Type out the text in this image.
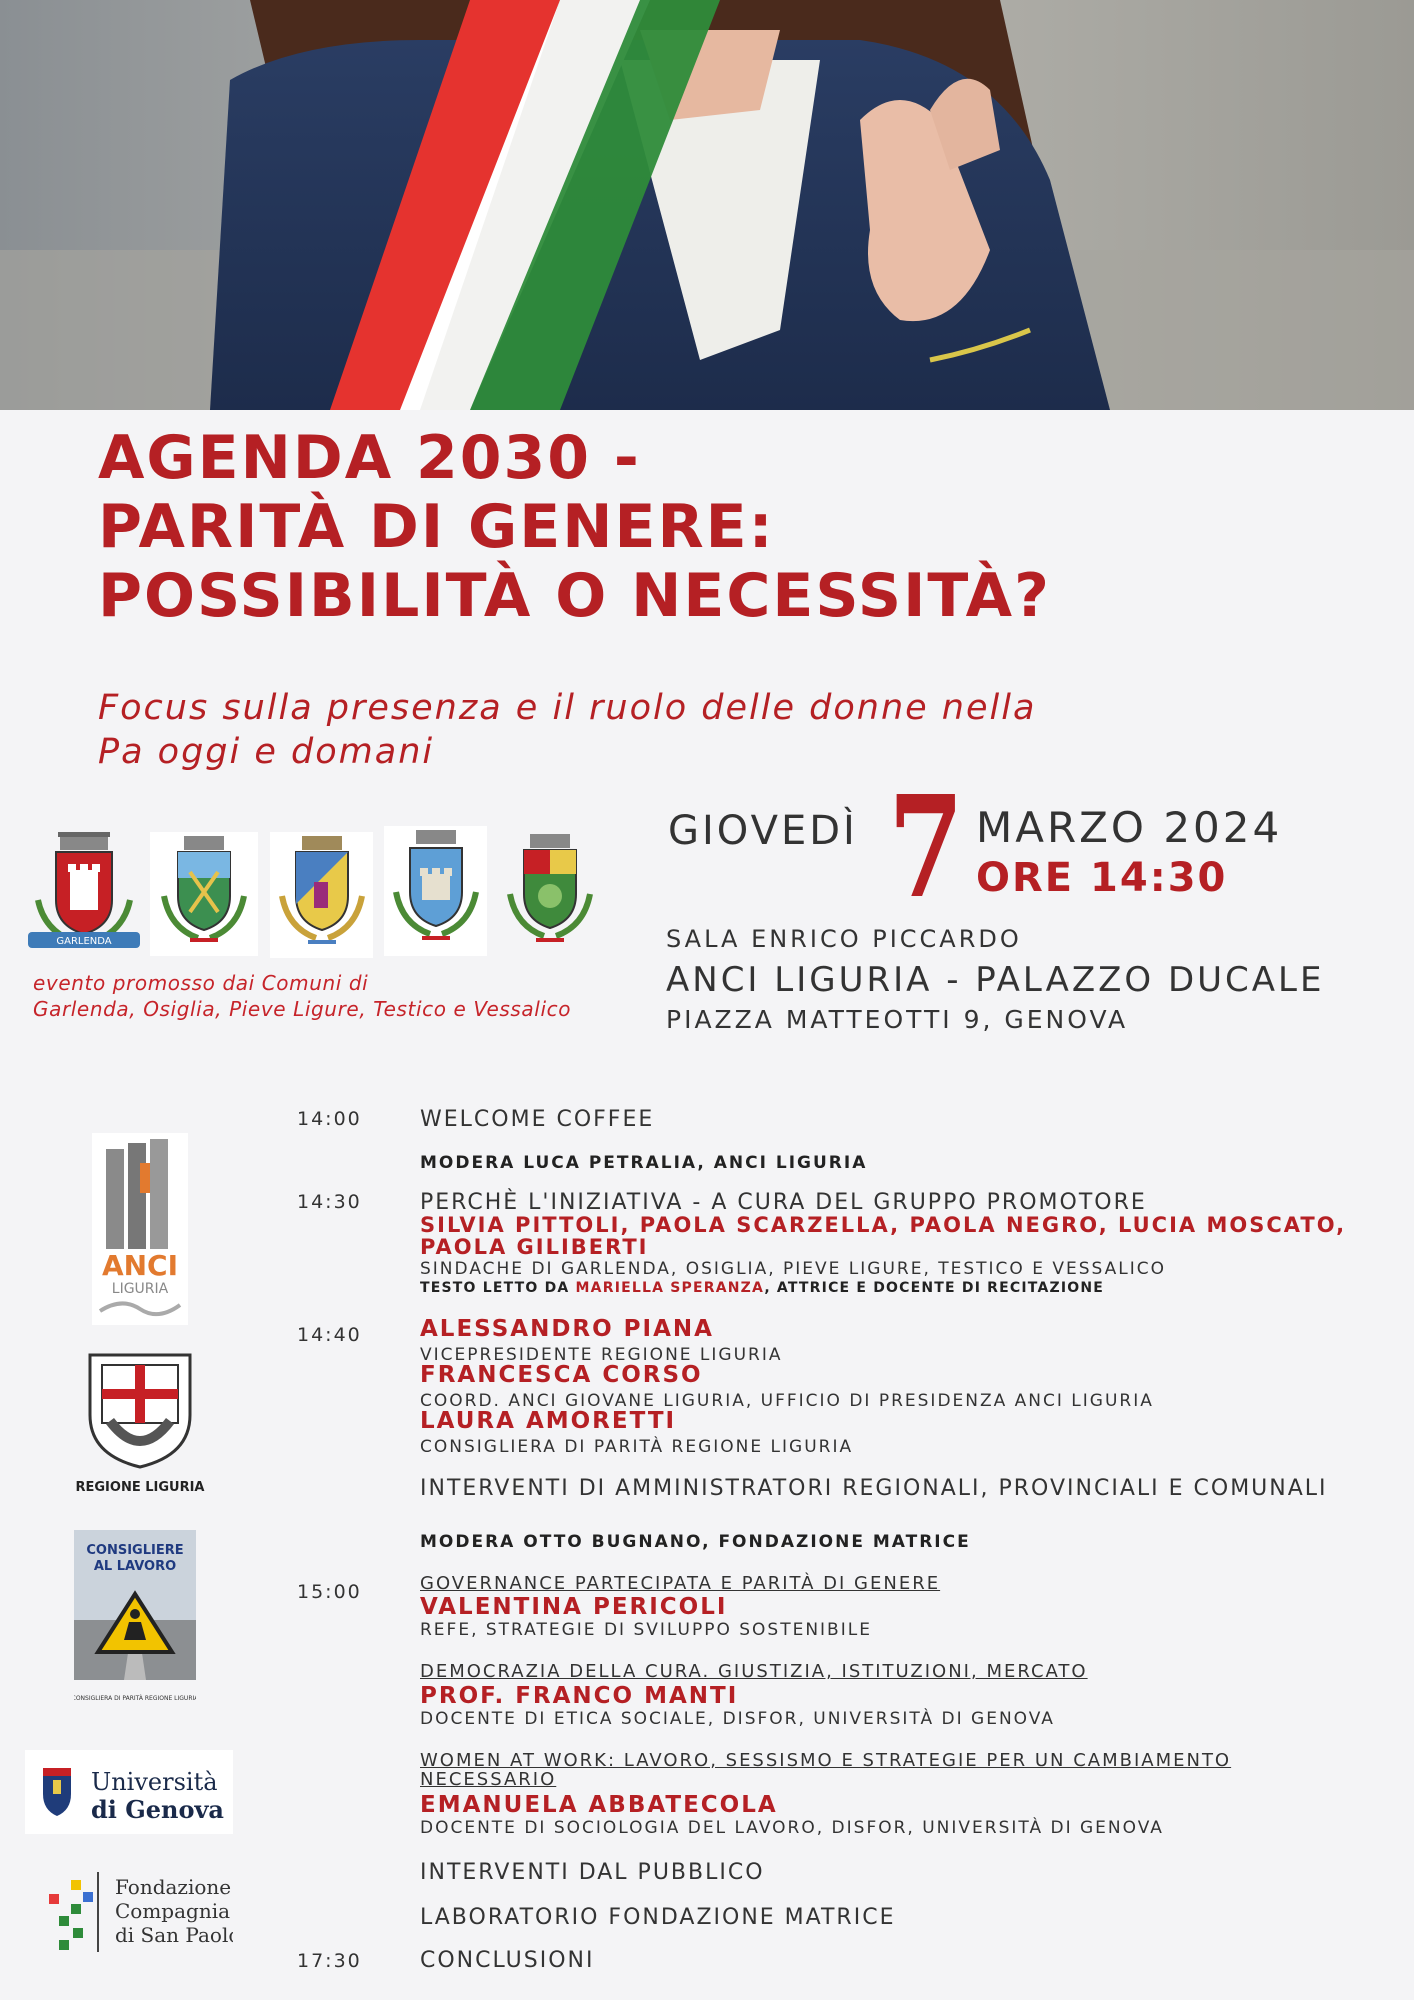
AGENDA 2030 -
PARITÀ DI GENERE:
POSSIBILITÀ O NECESSITÀ?
Focus sulla presenza e il ruolo delle donne nella
Pa oggi e domani
GARLENDA
evento promosso dai Comuni di
Garlenda, Osiglia, Pieve Ligure, Testico e Vessalico
GIOVEDÌ 7 MARZO 2024
ORE 14:30
SALA ENRICO PICCARDO
ANCI LIGURIA - PALAZZO DUCALE
PIAZZA MATTEOTTI 9, GENOVA
14:00	WELCOME COFFEE
MODERA LUCA PETRALIA, ANCI LIGURIA
14:30	PERCHÈ L'INIZIATIVA - A CURA DEL GRUPPO PROMOTORE
SILVIA PITTOLI, PAOLA SCARZELLA, PAOLA NEGRO, LUCIA MOSCATO,
PAOLA GILIBERTI
SINDACHE DI GARLENDA, OSIGLIA, PIEVE LIGURE, TESTICO E VESSALICO
TESTO LETTO DA MARIELLA SPERANZA, ATTRICE E DOCENTE DI RECITAZIONE
14:40	ALESSANDRO PIANA
VICEPRESIDENTE REGIONE LIGURIA
FRANCESCA CORSO
COORD. ANCI GIOVANE LIGURIA, UFFICIO DI PRESIDENZA ANCI LIGURIA
LAURA AMORETTI
CONSIGLIERA DI PARITÀ REGIONE LIGURIA
INTERVENTI DI AMMINISTRATORI REGIONALI, PROVINCIALI E COMUNALI
MODERA OTTO BUGNANO, FONDAZIONE MATRICE
15:00	GOVERNANCE PARTECIPATA E PARITÀ DI GENERE
VALENTINA PERICOLI
REFE, STRATEGIE DI SVILUPPO SOSTENIBILE
DEMOCRAZIA DELLA CURA. GIUSTIZIA, ISTITUZIONI, MERCATO
PROF. FRANCO MANTI
DOCENTE DI ETICA SOCIALE, DISFOR, UNIVERSITÀ DI GENOVA
WOMEN AT WORK: LAVORO, SESSISMO E STRATEGIE PER UN CAMBIAMENTO
NECESSARIO
EMANUELA ABBATECOLA
DOCENTE DI SOCIOLOGIA DEL LAVORO, DISFOR, UNIVERSITÀ DI GENOVA
INTERVENTI DAL PUBBLICO
LABORATORIO FONDAZIONE MATRICE
17:30	CONCLUSIONI
ANCI
LIGURIA
REGIONE LIGURIA
CONSIGLIERE
AL LAVORO
CONSIGLIERA DI PARITÀ REGIONE LIGURIA
Università
di Genova
Fondazione
Compagnia
di San Paolo
